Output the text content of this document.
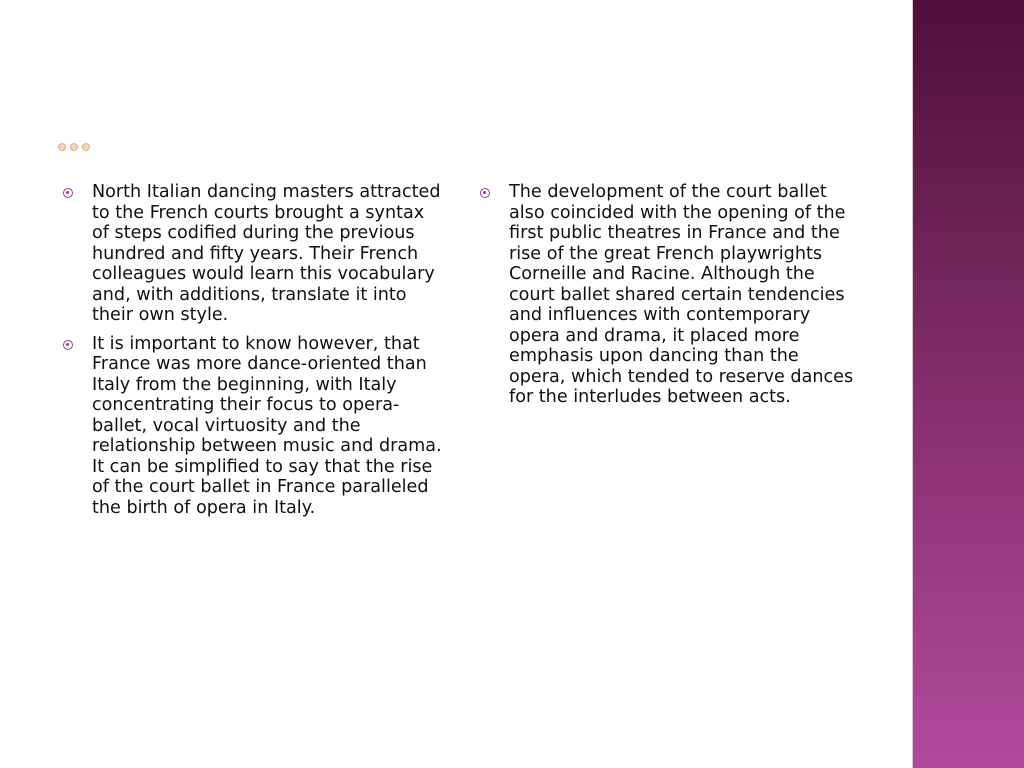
North Italian dancing masters attracted to the French courts brought a syntax of steps codified during the previous hundred and fifty years. Their French colleagues would learn this vocabulary and, with additions, translate it into their own style.
It is important to know however, that France was more dance-oriented than Italy from the beginning, with Italy concentrating their focus to opera-ballet, vocal virtuosity and the relationship between music and drama. It can be simplified to say that the rise of the court ballet in France paralleled the birth of opera in Italy.
The development of the court ballet also coincided with the opening of the first public theatres in France and the rise of the great French playwrights Corneille and Racine. Although the court ballet shared certain tendencies and influences with contemporary opera and drama, it placed more emphasis upon dancing than the opera, which tended to reserve dances for the interludes between acts.
